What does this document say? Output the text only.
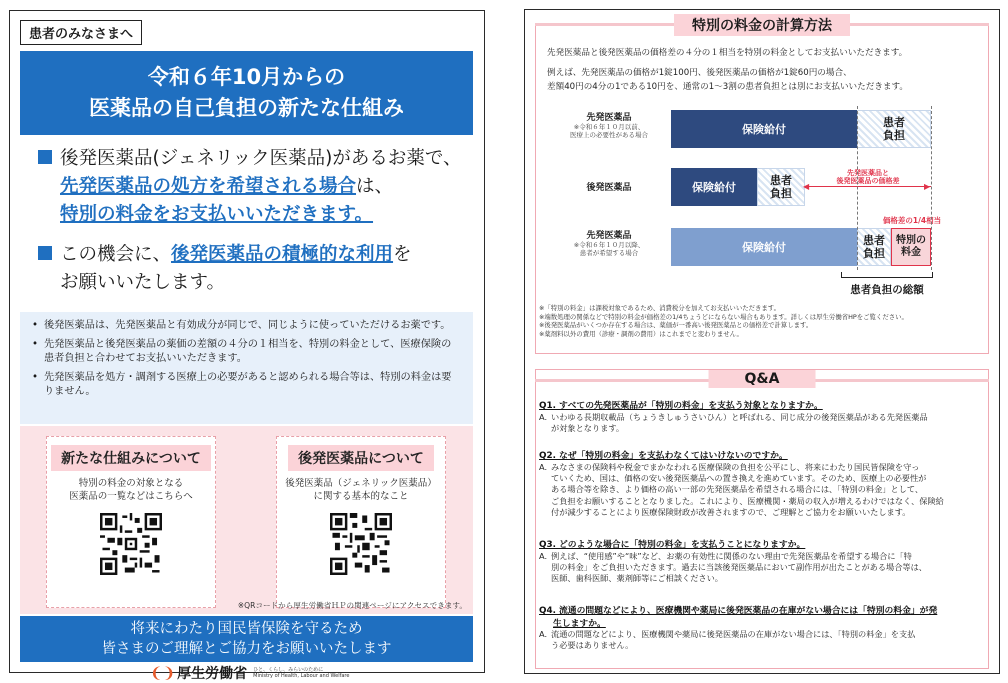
患者のみなさまへ
令和６年10月からの
医薬品の自己負担の新たな仕組み
後発医薬品(ジェネリック医薬品)があるお薬で、
先発医薬品の処方を希望される場合は、
特別の料金をお支払いいただきます。
この機会に、後発医薬品の積極的な利用を
お願いいたします。
• 後発医薬品は、先発医薬品と有効成分が同じで、同じように使っていただけるお薬です。
• 先発医薬品と後発医薬品の薬価の差額の４分の１相当を、特別の料金として、医療保険の患者負担と合わせてお支払いいただきます。
• 先発医薬品を処方・調剤する医療上の必要があると認められる場合等は、特別の料金は要りません。
新たな仕組みについて
特別の料金の対象となる
医薬品の一覧などはこちらへ
後発医薬品について
後発医薬品（ジェネリック医薬品）
に関する基本的なこと
※QRコードから厚生労働省ＨＰの関連ページにアクセスできます。
将来にわたり国民皆保険を守るため
皆さまのご理解とご協力をお願いいたします
❨❩ 厚生労働省 ひと、くらし、みらいのために
Ministry of Health, Labour and Welfare
特別の料金の計算方法
先発医薬品と後発医薬品の価格差の４分の１相当を特別の料金としてお支払いいただきます。
例えば、先発医薬品の価格が1錠100円、後発医薬品の価格が1錠60円の場合、
差額40円の4分の1である10円を、通常の1～3割の患者負担とは別にお支払いいただきます。
先発医薬品
※令和６年１０月以前、
医療上の必要性がある場合	保険給付
患者
負担
後発医薬品	保険給付
患者
負担
◀	▶
先発医薬品と
後発医薬品の価格差
先発医薬品
※令和６年１０月以降、
患者が希望する場合	保険給付
患者
負担
特別の
料金
価格差の1/4相当
患者負担の総額
※「特別の料金」は課税対象であるため、消費税分を加えてお支払いいただきます。
※端数処理の関係などで特別の料金が価格差の1/4ちょうどにならない場合もあります。詳しくは厚生労働省HPをご覧ください。
※後発医薬品がいくつか存在する場合は、薬価が一番高い後発医薬品との価格差で計算します。
※薬剤料以外の費用（診療・調剤の費用）はこれまでと変わりません。
Q&A
Q1. すべての先発医薬品が「特別の料金」を支払う対象となりますか。
A. いわゆる長期収載品（ちょうきしゅうさいひん）と呼ばれる、同じ成分の後発医薬品がある先発医薬品
が対象となります。
Q2. なぜ「特別の料金」を支払わなくてはいけないのですか。
A. みなさまの保険料や税金でまかなわれる医療保険の負担を公平にし、将来にわたり国民皆保険を守っ
ていくため、国は、価格の安い後発医薬品への置き換えを進めています。そのため、医療上の必要性が
ある場合等を除き、より価格の高い一部の先発医薬品を希望される場合には、「特別の料金」として、
ご負担をお願いすることとなりました。これにより、医療機関・薬局の収入が増えるわけではなく、保険給
付が減少することにより医療保険財政が改善されますので、ご理解とご協力をお願いいたします。
Q3. どのような場合に「特別の料金」を支払うことになりますか。
A. 例えば、“使用感”や“味”など、お薬の有効性に関係のない理由で先発医薬品を希望する場合に「特
別の料金」をご負担いただきます。過去に当該後発医薬品において副作用が出たことがある場合等は、
医師、歯科医師、薬剤師等にご相談ください。
Q4. 流通の問題などにより、医療機関や薬局に後発医薬品の在庫がない場合には「特別の料金」が発
生しますか。
A. 流通の問題などにより、医療機関や薬局に後発医薬品の在庫がない場合には、「特別の料金」を支払
う必要はありません。
